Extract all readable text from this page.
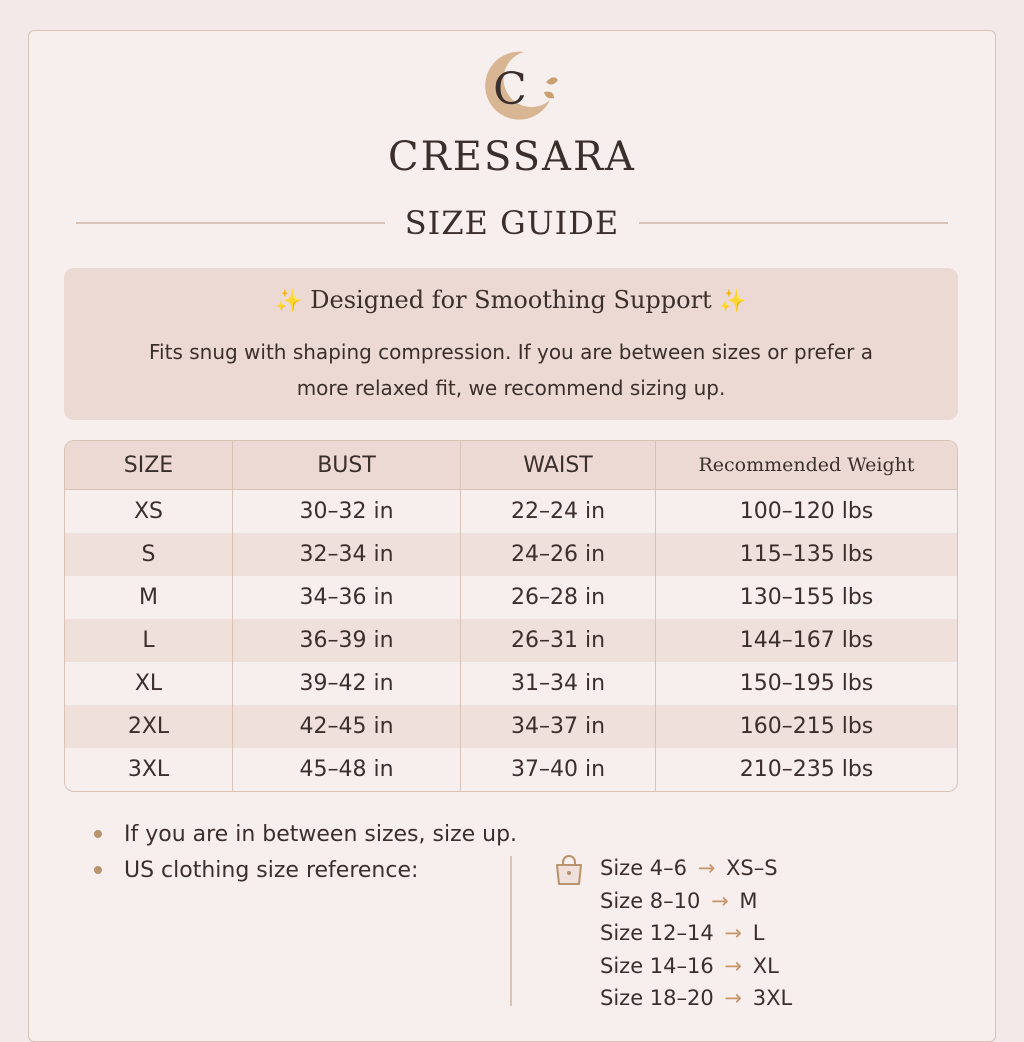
C
CRESSARA
SIZE GUIDE
✨ Designed for Smoothing Support ✨
Fits snug with shaping compression. If you are between sizes or prefer a more relaxed fit, we recommend sizing up.
SIZE	BUST	WAIST	Recommended Weight
XS	30–32 in	22–24 in	100–120 lbs
S	32–34 in	24–26 in	115–135 lbs
M	34–36 in	26–28 in	130–155 lbs
L	36–39 in	26–31 in	144–167 lbs
XL	39–42 in	31–34 in	150–195 lbs
2XL	42–45 in	34–37 in	160–215 lbs
3XL	45–48 in	37–40 in	210–235 lbs
If you are in between sizes, size up.
US clothing size reference:	Size 4–6 → XS–S
Size 8–10 → M
Size 12–14 → L
Size 14–16 → XL
Size 18–20 → 3XL
